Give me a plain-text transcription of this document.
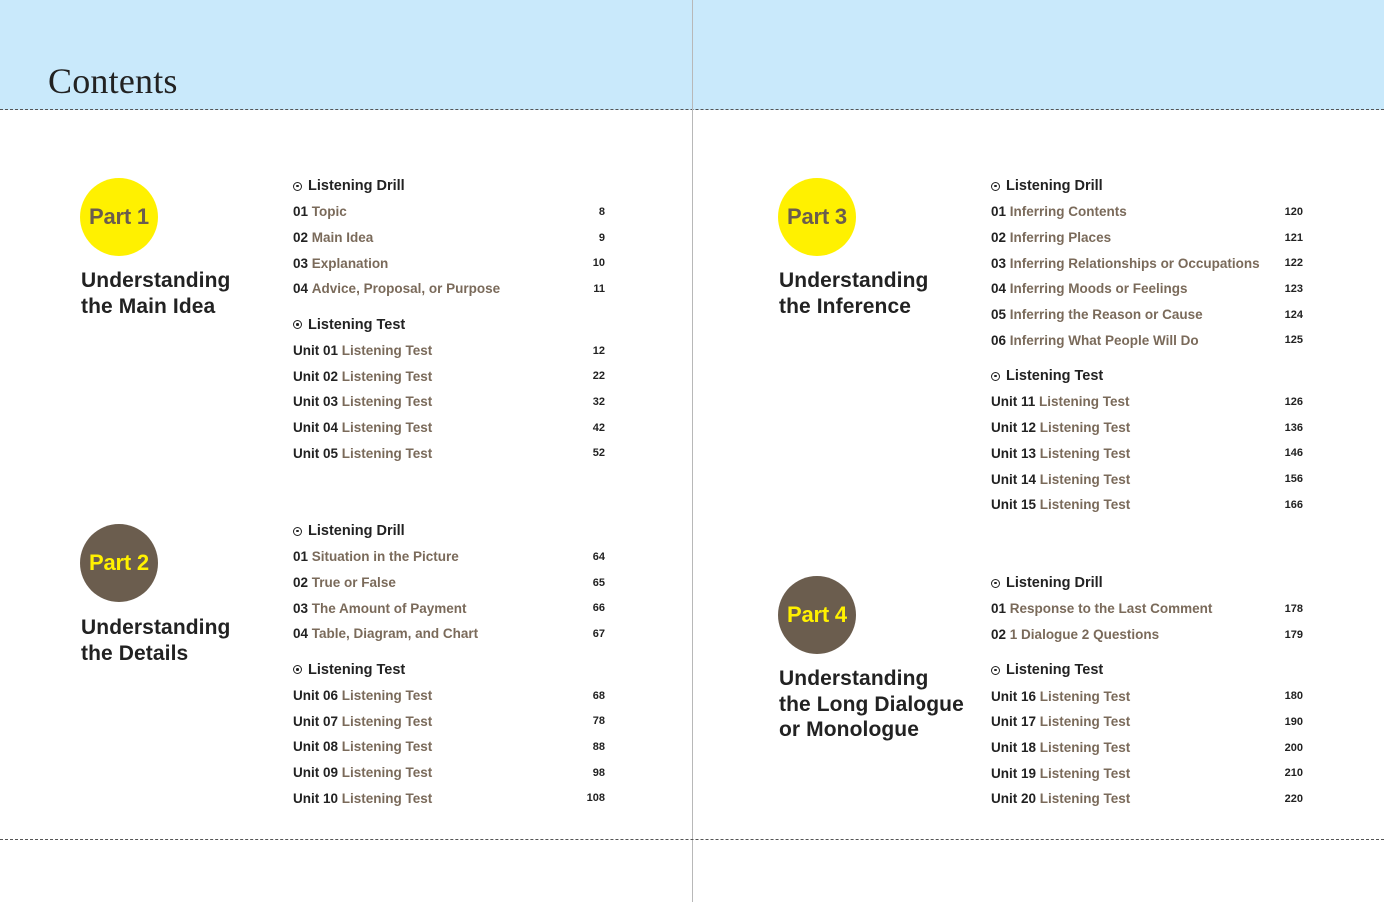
Contents
Part 1
Understanding
the Main Idea
Listening Drill
01 Topic	8
02 Main Idea	9
03 Explanation	10
04 Advice, Proposal, or Purpose	11
Listening Test
Unit 01 Listening Test	12
Unit 02 Listening Test	22
Unit 03 Listening Test	32
Unit 04 Listening Test	42
Unit 05 Listening Test	52
Part 2
Understanding
the Details
Listening Drill
01 Situation in the Picture	64
02 True or False	65
03 The Amount of Payment	66
04 Table, Diagram, and Chart	67
Listening Test
Unit 06 Listening Test	68
Unit 07 Listening Test	78
Unit 08 Listening Test	88
Unit 09 Listening Test	98
Unit 10 Listening Test	108
Part 3
Understanding
the Inference
Listening Drill
01 Inferring Contents	120
02 Inferring Places	121
03 Inferring Relationships or Occupations 122
04 Inferring Moods or Feelings	123
05 Inferring the Reason or Cause	124
06 Inferring What People Will Do	125
Listening Test
Unit 11 Listening Test	126
Unit 12 Listening Test	136
Unit 13 Listening Test	146
Unit 14 Listening Test	156
Unit 15 Listening Test	166
Part 4
Understanding
the Long Dialogue
or Monologue
Listening Drill
01 Response to the Last Comment	178
02 1 Dialogue 2 Questions	179
Listening Test
Unit 16 Listening Test	180
Unit 17 Listening Test	190
Unit 18 Listening Test	200
Unit 19 Listening Test	210
Unit 20 Listening Test	220
